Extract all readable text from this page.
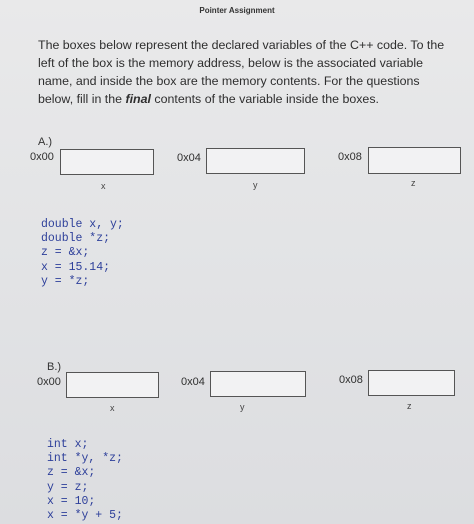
Pointer Assignment
The boxes below represent the declared variables of the C++ code. To the left of the box is the memory address, below is the associated variable name, and inside the box are the memory contents. For the questions below, fill in the final contents of the variable inside the boxes.
A.)
0x00
x
0x04
y
0x08
z
double x, y;
double *z;
z = &x;
x = 15.14;
y = *z;
B.)
0x00
x
0x04
y
0x08
z
int x;
int *y, *z;
z = &x;
y = z;
x = 10;
x = *y + 5;
